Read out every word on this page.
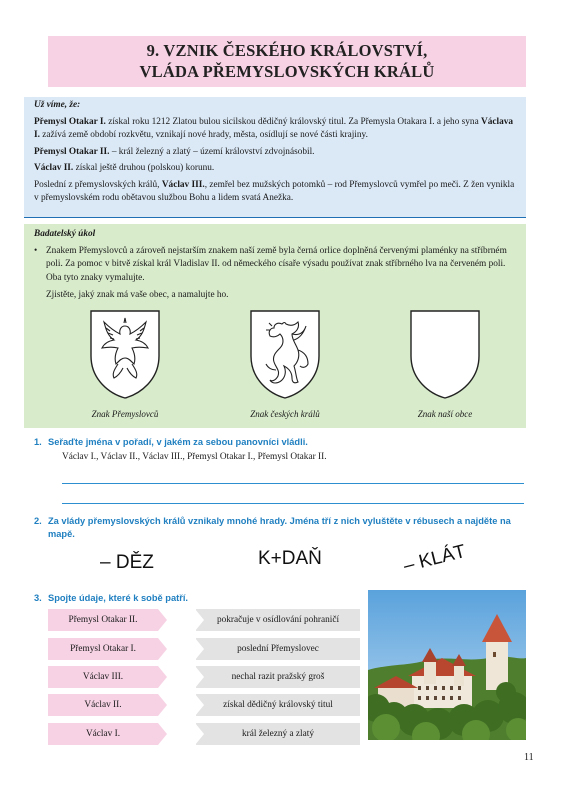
9. VZNIK ČESKÉHO KRÁLOVSTVÍ,
VLÁDA PŘEMYSLOVSKÝCH KRÁLŮ
Už víme, že:

Přemysl Otakar I. získal roku 1212 Zlatou bulou sicilskou dědičný královský titul. Za Přemysla Otakara I. a jeho syna Václava I. zažívá země období rozkvětu, vznikají nové hrady, města, osídlují se nové části krajiny.

Přemysl Otakar II. – král železný a zlatý – území království zdvojnásobil.

Václav II. získal ještě druhou (polskou) korunu.

Poslední z přemyslovských králů, Václav III., zemřel bez mužských potomků – rod Přemyslovců vymřel po meči. Z žen vynikla v přemyslovském rodu obětavou službou Bohu a lidem svatá Anežka.

Badatelský úkol
• Znakem Přemyslovců a zároveň nejstarším znakem naší země byla černá orlice doplněná červenými plaménky na stříbrném poli. Za pomoc v bitvě získal král Vladislav II. od německého císaře výsadu používat znak stříbrného lva na červeném poli. Oba tyto znaky vymalujte.
Zjistěte, jaký znak má vaše obec, a namalujte ho.
Znak Přemyslovců	Znak českých králů	Znak naší obce
1. Seřaďte jména v pořadí, v jakém za sebou panovníci vládli.
Václav I., Václav II., Václav III., Přemysl Otakar I., Přemysl Otakar II.
2. Za vlády přemyslovských králů vznikaly mnohé hrady. Jména tří z nich vyluštěte v rébusech a najděte na mapě.
– DĚZ	K+DAŇ	– KLÁT
3. Spojte údaje, které k sobě patří.
Přemysl Otakar II.
Přemysl Otakar I.
Václav III.
Václav II.
Václav I.
pokračuje v osídlování pohraničí
poslední Přemyslovec
nechal razit pražský groš
získal dědičný královský titul
král železný a zlatý
11
